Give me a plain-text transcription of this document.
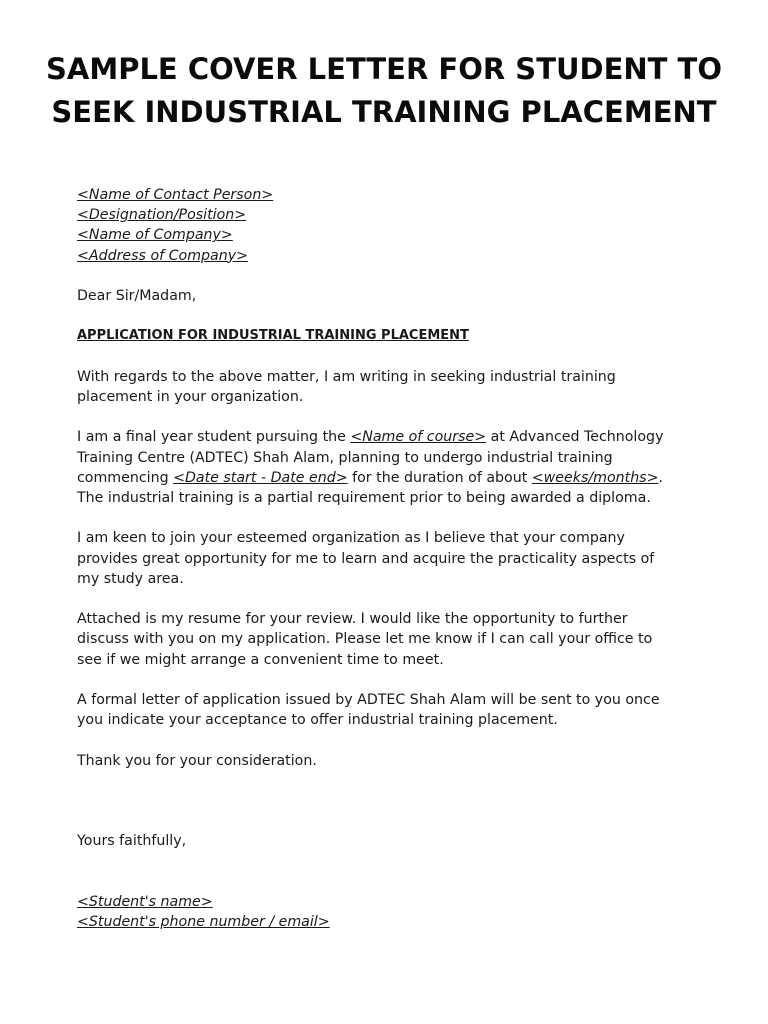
SAMPLE COVER LETTER FOR STUDENT TO
SEEK INDUSTRIAL TRAINING PLACEMENT
<Name of Contact Person>
<Designation/Position>
<Name of Company>
<Address of Company>
Dear Sir/Madam,
APPLICATION FOR INDUSTRIAL TRAINING PLACEMENT
With regards to the above matter, I am writing in seeking industrial training
placement in your organization.
I am a final year student pursuing the <Name of course> at Advanced Technology
Training Centre (ADTEC) Shah Alam, planning to undergo industrial training
commencing <Date start - Date end> for the duration of about <weeks/months>.
The industrial training is a partial requirement prior to being awarded a diploma.
I am keen to join your esteemed organization as I believe that your company
provides great opportunity for me to learn and acquire the practicality aspects of
my study area.
Attached is my resume for your review. I would like the opportunity to further
discuss with you on my application. Please let me know if I can call your office to
see if we might arrange a convenient time to meet.
A formal letter of application issued by ADTEC Shah Alam will be sent to you once
you indicate your acceptance to offer industrial training placement.
Thank you for your consideration.
Yours faithfully,
<Student's name>
<Student's phone number / email>
